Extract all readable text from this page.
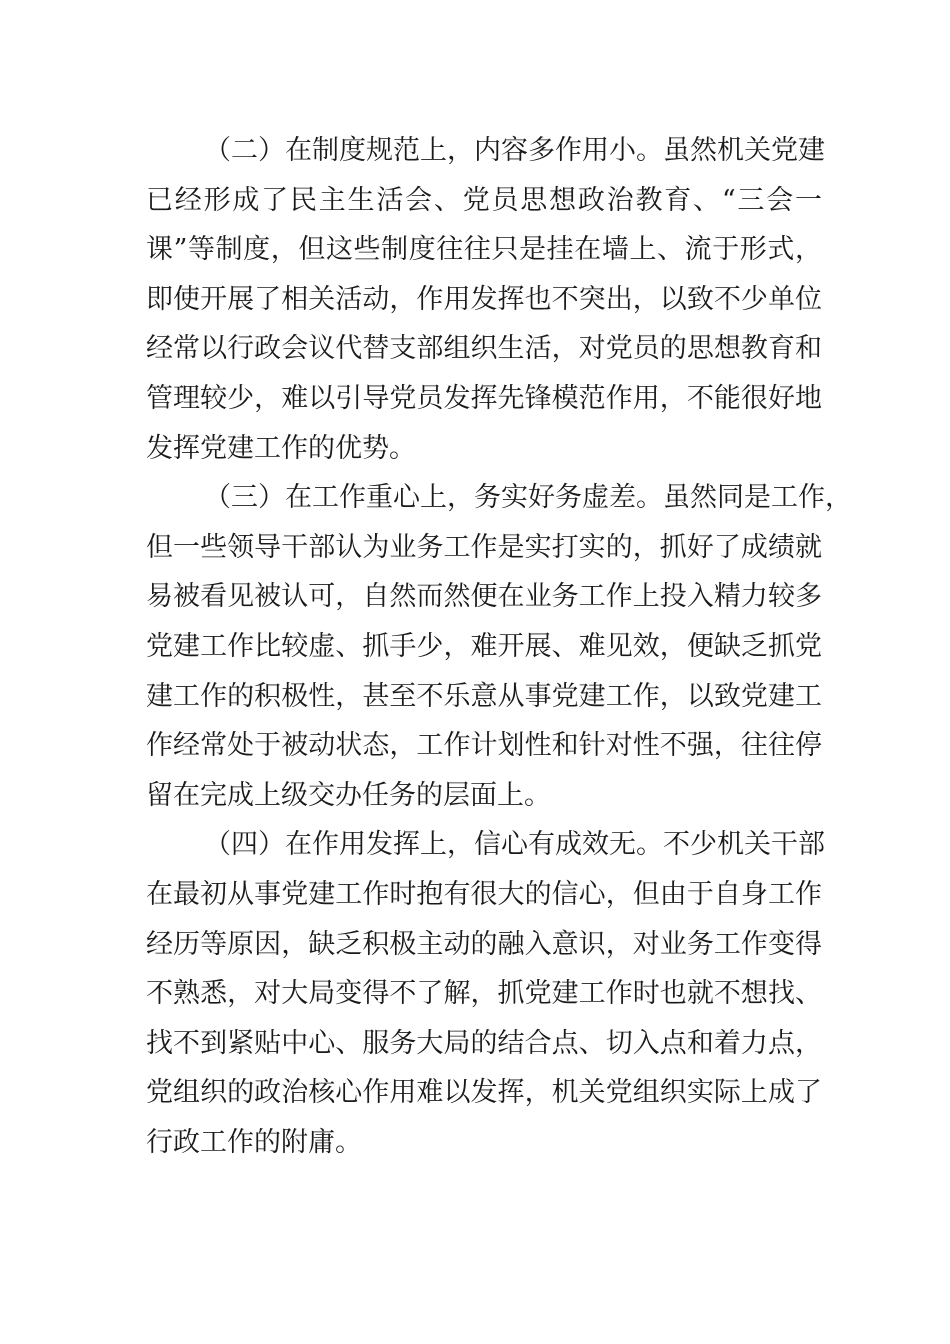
（二）在制度规范上，内容多作用小。虽然机关党建
已经形成了民主生活会、党员思想政治教育、“三会一
课”等制度，但这些制度往往只是挂在墙上、流于形式，
即使开展了相关活动，作用发挥也不突出，以致不少单位
经常以行政会议代替支部组织生活，对党员的思想教育和
管理较少，难以引导党员发挥先锋模范作用，不能很好地
发挥党建工作的优势。
（三）在工作重心上，务实好务虚差。虽然同是工作，
但一些领导干部认为业务工作是实打实的，抓好了成绩就
易被看见被认可，自然而然便在业务工作上投入精力较多
党建工作比较虚、抓手少，难开展、难见效，便缺乏抓党
建工作的积极性，甚至不乐意从事党建工作，以致党建工
作经常处于被动状态，工作计划性和针对性不强，往往停
留在完成上级交办任务的层面上。
（四）在作用发挥上，信心有成效无。不少机关干部
在最初从事党建工作时抱有很大的信心，但由于自身工作
经历等原因，缺乏积极主动的融入意识，对业务工作变得
不熟悉，对大局变得不了解，抓党建工作时也就不想找、
找不到紧贴中心、服务大局的结合点、切入点和着力点，
党组织的政治核心作用难以发挥，机关党组织实际上成了
行政工作的附庸。
